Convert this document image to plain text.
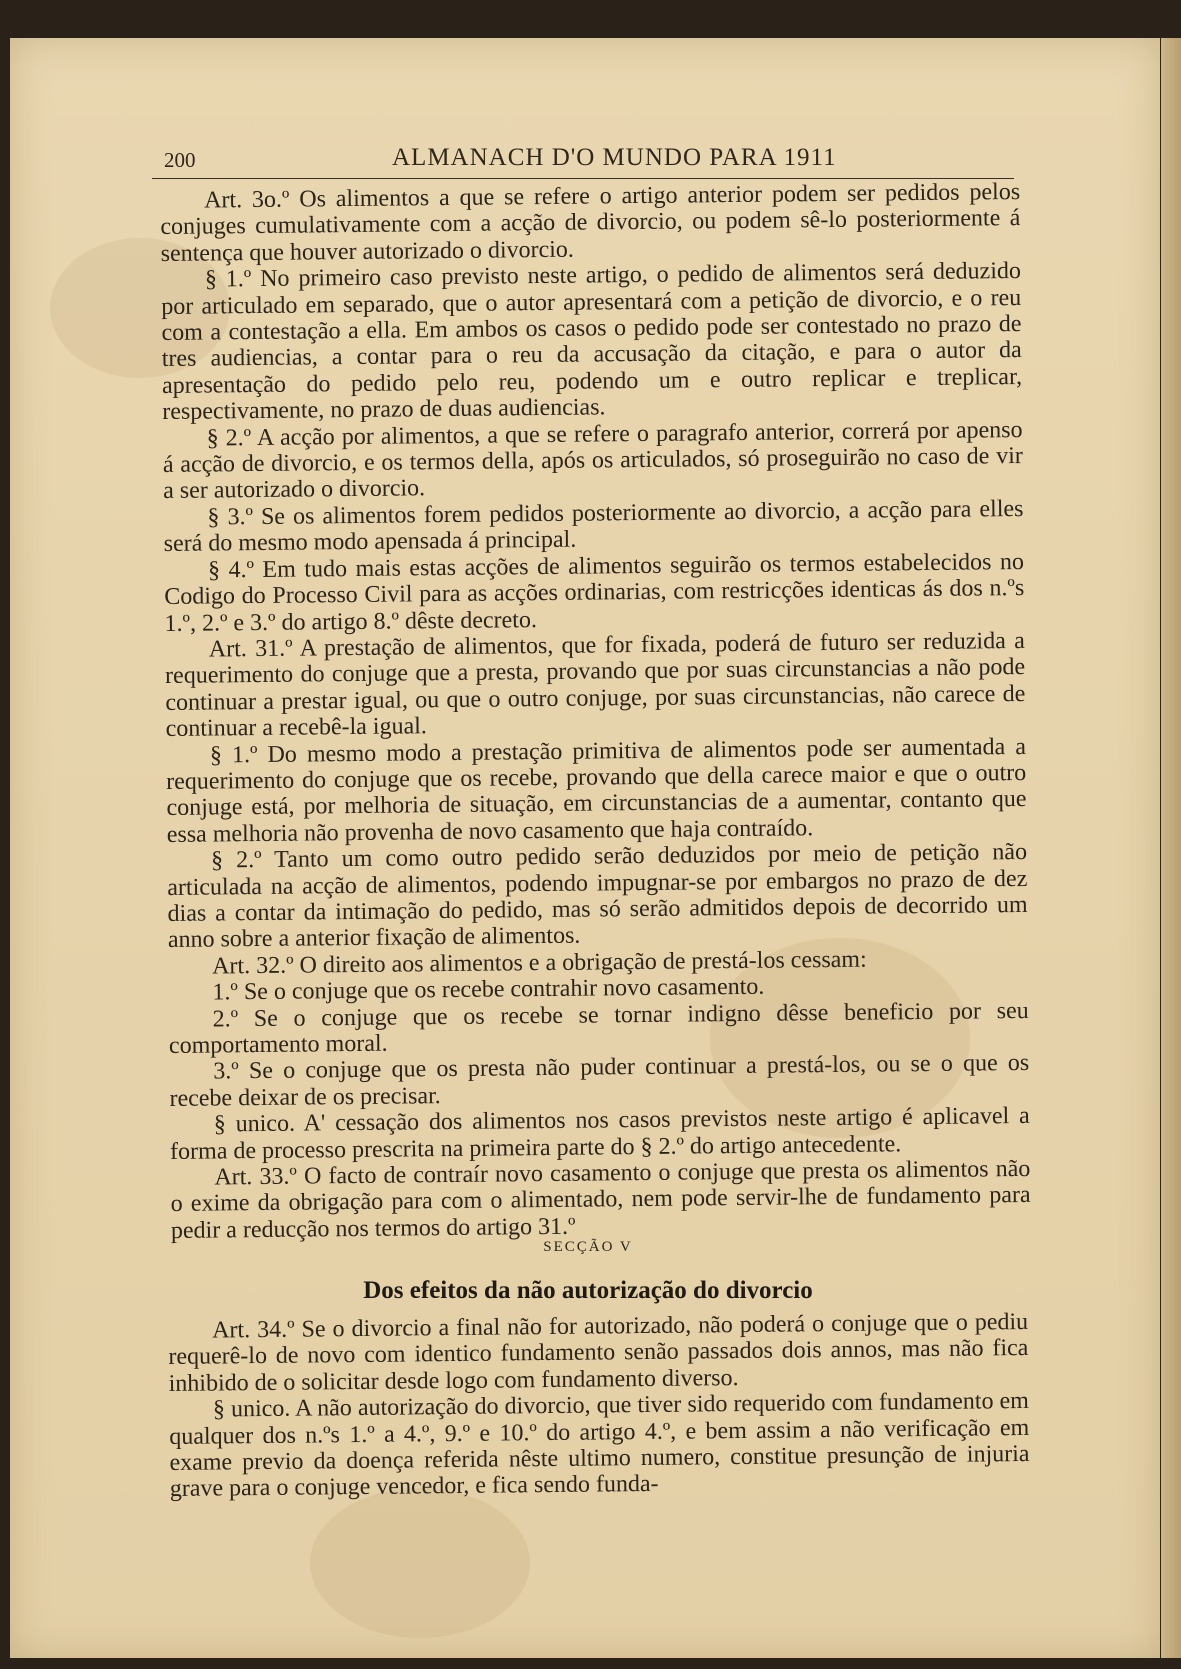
200	ALMANACH D'O MUNDO PARA 1911

Art. 3o.º Os alimentos a que se refere o artigo anterior podem ser pedidos pelos conjuges cumulativamente com a acção de divorcio, ou podem sê-lo posteriormente á sentença que houver autorizado o divorcio.

§ 1.º No primeiro caso previsto neste artigo, o pedido de alimentos será deduzido por articulado em separado, que o autor apresentará com a petição de divorcio, e o reu com a contestação a ella. Em ambos os casos o pedido pode ser contestado no prazo de tres audiencias, a contar para o reu da accusação da citação, e para o autor da apresentação do pedido pelo reu, podendo um e outro replicar e treplicar, respectivamente, no prazo de duas audiencias.

§ 2.º A acção por alimentos, a que se refere o paragrafo anterior, correrá por apenso á acção de divorcio, e os termos della, após os articulados, só proseguirão no caso de vir a ser autorizado o divorcio.

§ 3.º Se os alimentos forem pedidos posteriormente ao divorcio, a acção para elles será do mesmo modo apensada á principal.

§ 4.º Em tudo mais estas acções de alimentos seguirão os termos estabelecidos no Codigo do Processo Civil para as acções ordinarias, com restricções identicas ás dos n.ºs 1.º, 2.º e 3.º do artigo 8.º dêste decreto.

Art. 31.º A prestação de alimentos, que for fixada, poderá de futuro ser reduzida a requerimento do conjuge que a presta, provando que por suas circunstancias a não pode continuar a prestar igual, ou que o outro conjuge, por suas circunstancias, não carece de continuar a recebê-la igual.

§ 1.º Do mesmo modo a prestação primitiva de alimentos pode ser aumentada a requerimento do conjuge que os recebe, provando que della carece maior e que o outro conjuge está, por melhoria de situação, em circunstancias de a aumentar, contanto que essa melhoria não provenha de novo casamento que haja contraído.

§ 2.º Tanto um como outro pedido serão deduzidos por meio de petição não articulada na acção de alimentos, podendo impugnar-se por embargos no prazo de dez dias a contar da intimação do pedido, mas só serão admitidos depois de decorrido um anno sobre a anterior fixação de alimentos.

Art. 32.º O direito aos alimentos e a obrigação de prestá-los cessam:

1.º Se o conjuge que os recebe contrahir novo casamento.

2.º Se o conjuge que os recebe se tornar indigno dêsse beneficio por seu comportamento moral.

3.º Se o conjuge que os presta não puder continuar a prestá-los, ou se o que os recebe deixar de os precisar.

§ unico. A' cessação dos alimentos nos casos previstos neste artigo é aplicavel a forma de processo prescrita na primeira parte do § 2.º do artigo antecedente.

Art. 33.º O facto de contraír novo casamento o conjuge que presta os alimentos não o exime da obrigação para com o alimentado, nem pode servir-lhe de fundamento para pedir a reducção nos termos do artigo 31.º

SECÇÃO V
Dos efeitos da não autorização do divorcio

Art. 34.º Se o divorcio a final não for autorizado, não poderá o conjuge que o pediu requerê-lo de novo com identico fundamento senão passados dois annos, mas não fica inhibido de o solicitar desde logo com fundamento diverso.

§ unico. A não autorização do divorcio, que tiver sido requerido com fundamento em qualquer dos n.ºs 1.º a 4.º, 9.º e 10.º do artigo 4.º, e bem assim a não verificação em exame previo da doença referida nêste ultimo numero, constitue presunção de injuria grave para o conjuge vencedor, e fica sendo funda-
